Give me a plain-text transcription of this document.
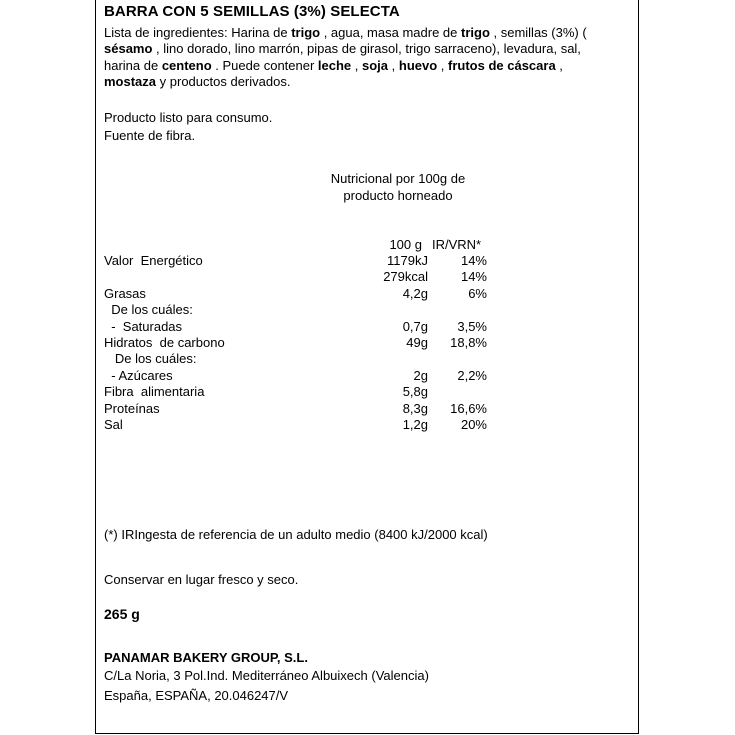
BARRA CON 5 SEMILLAS (3%) SELECTA
Lista de ingredientes: Harina de trigo , agua, masa madre de trigo , semillas (3%) ( sésamo , lino dorado, lino marrón, pipas de girasol, trigo sarraceno), levadura, sal, harina de centeno . Puede contener leche , soja , huevo , frutos de cáscara , mostaza y productos derivados.
Producto listo para consumo.
Fuente de fibra.
Nutricional por 100g de
producto horneado
100 g IR/VRN*
Valor  Energético	1179kJ	14%
279kcal	14%
Grasas	4,2g	6%
De los cuáles:
-  Saturadas	0,7g 3,5%
Hidratos  de carbono	49g 18,8%
De los cuáles:
- Azúcares	2g 2,2%
Fibra  alimentaria	5,8g
Proteínas	8,3g 16,6%
Sal	1,2g	20%
(*) IRIngesta de referencia de un adulto medio (8400 kJ/2000 kcal)
Conservar en lugar fresco y seco.
265 g
PANAMAR BAKERY GROUP, S.L.
C/La Noria, 3 Pol.Ind. Mediterráneo Albuixech (Valencia)
España, ESPAÑA, 20.046247/V
